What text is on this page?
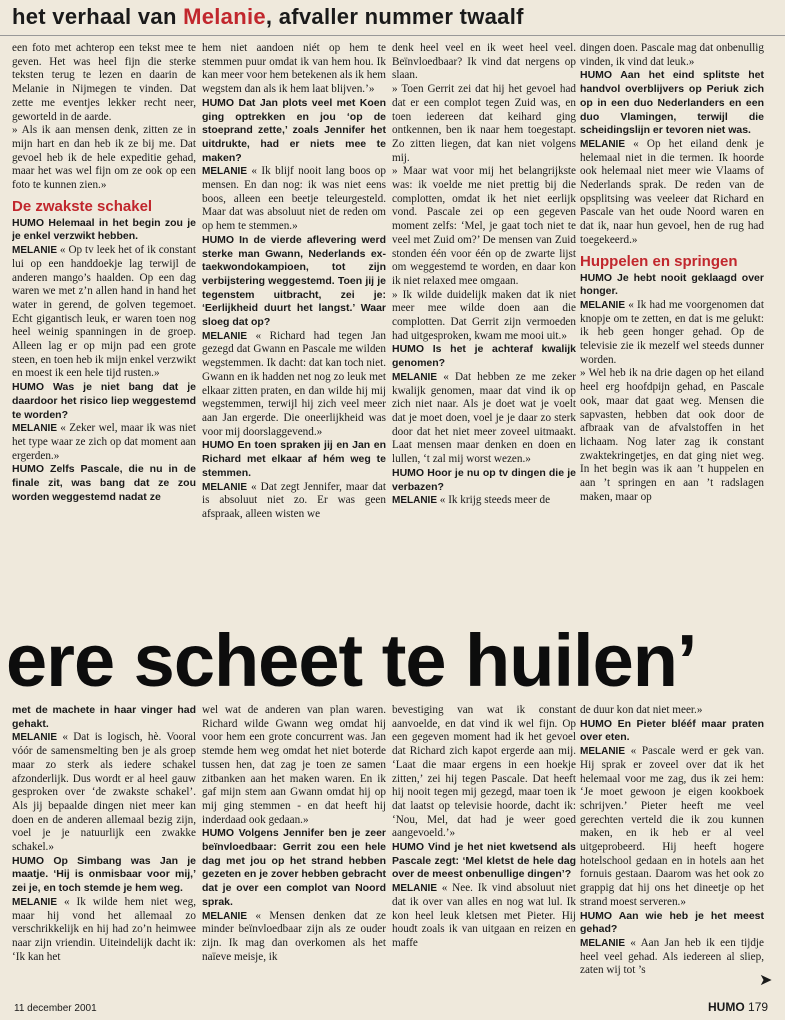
het verhaal van Melanie, afvaller nummer twaalf

een foto met achterop een tekst mee te geven. Het was heel fijn die sterke teksten terug te lezen en daarin de Melanie in Nijmegen te vinden. Dat zette me eventjes lekker recht neer, geworteld in de aarde.

» Als ik aan mensen denk, zitten ze in mijn hart en dan heb ik ze bij me. Dat gevoel heb ik de hele expeditie gehad, maar het was wel fijn om ze ook op een foto te kunnen zien.»

De zwakste schakel

HUMO Helemaal in het begin zou je je enkel verzwikt hebben.

MELANIE « Op tv leek het of ik constant lui op een handdoekje lag terwijl de anderen mango’s haalden. Op een dag waren we met z’n allen hand in hand het water in gerend, de golven tegemoet. Echt gigantisch leuk, er waren toen nog heel weinig spanningen in de groep. Alleen lag er op mijn pad een grote steen, en toen heb ik mijn enkel verzwikt en moest ik een hele tijd rusten.»

HUMO Was je niet bang dat je daardoor het risico liep weggestemd te worden?

MELANIE « Zeker wel, maar ik was niet het type waar ze zich op dat moment aan ergerden.»

HUMO Zelfs Pascale, die nu in de finale zit, was bang dat ze zou worden weggestemd nadat ze

hem niet aandoen niét op hem te stemmen puur omdat ik van hem hou. Ik kan meer voor hem betekenen als ik hem wegstem dan als ik hem laat blijven.’»

HUMO Dat Jan plots veel met Koen ging optrekken en jou ‘op de stoeprand zette,’ zoals Jennifer het uitdrukte, had er niets mee te maken?

MELANIE « Ik blijf nooit lang boos op mensen. En dan nog: ik was niet eens boos, alleen een beetje teleurgesteld. Maar dat was absoluut niet de reden om op hem te stemmen.»

HUMO In de vierde aflevering werd sterke man Gwann, Nederlands ex-taekwondokampioen, tot zijn verbijstering weggestemd. Toen jij je tegenstem uitbracht, zei je: ‘Eerlijkheid duurt het langst.’ Waar sloeg dat op?

MELANIE « Richard had tegen Jan gezegd dat Gwann en Pascale me wilden wegstemmen. Ik dacht: dat kan toch niet. Gwann en ik hadden net nog zo leuk met elkaar zitten praten, en dan wilde hij mij wegstemmen, terwijl hij zich veel meer aan Jan ergerde. Die oneerlijkheid was voor mij doorslaggevend.»

HUMO En toen spraken jij en Jan en Richard met elkaar af hém weg te stemmen.

MELANIE « Dat zegt Jennifer, maar dat is absoluut niet zo. Er was geen afspraak, alleen wisten we

denk heel veel en ik weet heel veel. Beïnvloedbaar? Ik vind dat nergens op slaan.

» Toen Gerrit zei dat hij het gevoel had dat er een complot tegen Zuid was, en toen iedereen dat keihard ging ontkennen, ben ik naar hem toegestapt. Zo zitten liegen, dat kan niet volgens mij.

» Maar wat voor mij het belangrijkste was: ik voelde me niet prettig bij die complotten, omdat ik het niet eerlijk vond. Pascale zei op een gegeven moment zelfs: ‘Mel, je gaat toch niet te veel met Zuid om?’ De mensen van Zuid stonden één voor één op de zwarte lijst om weggestemd te worden, en daar kon ik niet relaxed mee omgaan.

» Ik wilde duidelijk maken dat ik niet meer mee wilde doen aan die complotten. Dat Gerrit zijn vermoeden had uitgesproken, kwam me mooi uit.»

HUMO Is het je achteraf kwalijk genomen?

MELANIE « Dat hebben ze me zeker kwalijk genomen, maar dat vind ik op zich niet naar. Als je doet wat je voelt dat je moet doen, voel je je daar zo sterk door dat het niet meer zoveel uitmaakt. Laat mensen maar denken en doen en lullen, ‘t zal mij worst wezen.»

HUMO Hoor je nu op tv dingen die je verbazen?

MELANIE « Ik krijg steeds meer de

dingen doen. Pascale mag dat onbenullig vinden, ik vind dat leuk.»

HUMO Aan het eind splitste het handvol overblijvers op Periuk zich op in een duo Nederlanders en een duo Vlamingen, terwijl die scheidingslijn er tevoren niet was.

MELANIE « Op het eiland denk je helemaal niet in die termen. Ik hoorde ook helemaal niet meer wie Vlaams of Nederlands sprak. De reden van de opsplitsing was veeleer dat Richard en Pascale van het oude Noord waren en dat ik, naar hun gevoel, hen de rug had toegekeerd.»

Huppelen en springen

HUMO Je hebt nooit geklaagd over honger.

MELANIE « Ik had me voorgenomen dat knopje om te zetten, en dat is me gelukt: ik heb geen honger gehad. Op de televisie zie ik mezelf wel steeds dunner worden.

» Wel heb ik na drie dagen op het eiland heel erg hoofdpijn gehad, en Pascale ook, maar dat gaat weg. Mensen die sapvasten, hebben dat ook door de afbraak van de afvalstoffen in het lichaam. Nog later zag ik constant zwaktekringetjes, en dat ging niet weg. In het begin was ik aan ’t huppelen en aan ’t springen en aan ’t radslagen maken, maar op

ere scheet te huilen’

met de machete in haar vinger had gehakt.

MELANIE « Dat is logisch, hè. Vooral vóór de samensmelting ben je als groep maar zo sterk als iedere schakel afzonderlijk. Dus wordt er al heel gauw gesproken over ‘de zwakste schakel’. Als jij bepaalde dingen niet meer kan doen en de anderen allemaal bezig zijn, voel je je natuurlijk een zwakke schakel.»

HUMO Op Simbang was Jan je maatje. ‘Hij is onmisbaar voor mij,’ zei je, en toch stemde je hem weg.

MELANIE « Ik wilde hem niet weg, maar hij vond het allemaal zo verschrikkelijk en hij had zo’n heimwee naar zijn vriendin. Uiteindelijk dacht ik: ‘Ik kan het

wel wat de anderen van plan waren. Richard wilde Gwann weg omdat hij voor hem een grote concurrent was. Jan stemde hem weg omdat het niet boterde tussen hen, dat zag je toen ze samen zitbanken aan het maken waren. En ik gaf mijn stem aan Gwann omdat hij op mij ging stemmen - en dat heeft hij inderdaad ook gedaan.»

HUMO Volgens Jennifer ben je zeer beïnvloedbaar: Gerrit zou een hele dag met jou op het strand hebben gezeten en je zover hebben gebracht dat je over een complot van Noord sprak.

MELANIE « Mensen denken dat ze minder beïnvloedbaar zijn als ze ouder zijn. Ik mag dan overkomen als het naïeve meisje, ik

bevestiging van wat ik constant aanvoelde, en dat vind ik wel fijn. Op een gegeven moment had ik het gevoel dat Richard zich kapot ergerde aan mij. ‘Laat die maar ergens in een hoekje zitten,’ zei hij tegen Pascale. Dat heeft hij nooit tegen mij gezegd, maar toen ik dat laatst op televisie hoorde, dacht ik: ‘Nou, Mel, dat had je weer goed aangevoeld.’»

HUMO Vind je het niet kwetsend als Pascale zegt: ‘Mel kletst de hele dag over de meest onbenullige dingen’?

MELANIE « Nee. Ik vind absoluut niet dat ik over van alles en nog wat lul. Ik kon heel leuk kletsen met Pieter. Hij houdt zoals ik van uitgaan en reizen en maffe

de duur kon dat niet meer.»

HUMO En Pieter blééf maar praten over eten.

MELANIE « Pascale werd er gek van. Hij sprak er zoveel over dat ik het helemaal voor me zag, dus ik zei hem: ‘Je moet gewoon je eigen kookboek schrijven.’ Pieter heeft me veel gerechten verteld die ik zou kunnen maken, en ik heb er al veel uitgeprobeerd. Hij heeft hogere hotelschool gedaan en in hotels aan het fornuis gestaan. Daarom was het ook zo grappig dat hij ons het dineetje op het strand moest serveren.»

HUMO Aan wie heb je het meest gehad?

MELANIE « Aan Jan heb ik een tijdje heel veel gehad. Als iedereen al sliep, zaten wij tot ’s

11 december 2001	HUMO 179
➤
